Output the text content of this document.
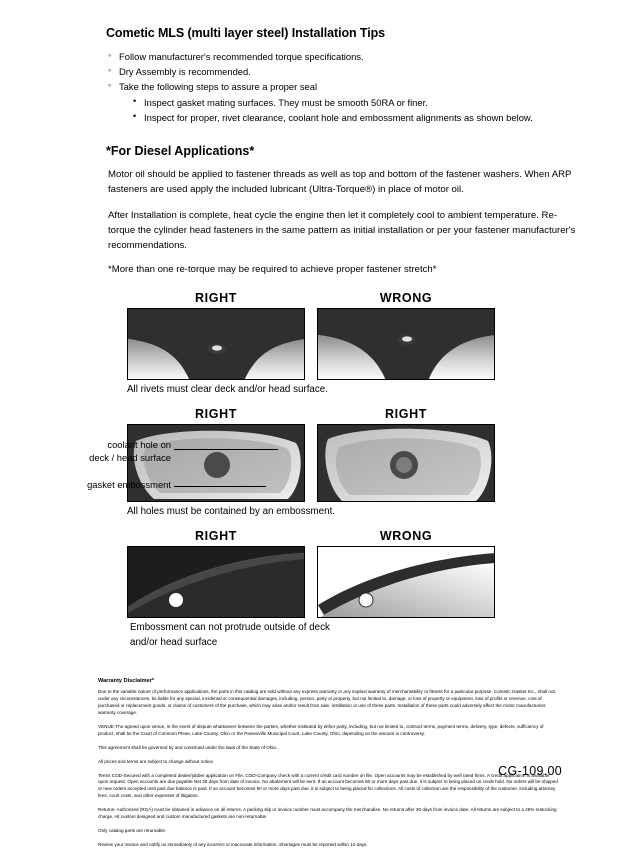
Cometic MLS (multi layer steel) Installation Tips
◦ Follow manufacturer's recommended torque specifications.
◦ Dry Assembly is recommended.
◦ Take the following steps to assure a proper seal
• Inspect gasket mating surfaces. They must be smooth 50RA or finer.
• Inspect for proper, rivet clearance, coolant hole and embossment alignments as shown below.
*For Diesel Applications*

Motor oil should be applied to fastener threads as well as top and bottom of the fastener washers. When ARP fasteners are used apply the included lubricant (Ultra-Torque®) in place of motor oil.

After Installation is complete, heat cycle the engine then let it completely cool to ambient temperature. Re-torque the cylinder head fasteners in the same pattern as initial installation or per your fastener manufacturer's recommendations.

*More than one re-torque may be required to achieve proper fastener stretch*

RIGHT	WRONG
All rivets must clear deck and/or head surface.
RIGHT	RIGHT
coolant hole on
deck / head surface
gasket embossment
All holes must be contained by an embossment.
RIGHT	WRONG
Embossment can not protrude outside of deck
and/or head surface
Warranty Disclaimer*

Due to the variable nature of performance applications, the parts in this catalog are sold without any express warranty or any implied warranty of merchantability or fitness for a particular purpose. Cometic Gasket Inc., shall not, under any circumstances, be liable for any special, incidental or consequential damages, including, person, party or property, but not limited to, damage, or loss of property or equipment, loss of profits or revenue, cost of purchased or replacement goods, or claims of customers of the purchase, which may arise and/or result from sale, instillation or use of these parts. Installation of these parts could adversely affect the motor manufacturers warranty coverage.

VENUE-The agreed upon venue, in the event of dispute whatsoever between the parties, whether instituted by either party, including, but not limited to, contract terms, payment terms, delivery, type, defects, sufficiency of product, shall be the Court of Common Pleas, Lake County, Ohio or the Painesville Municipal Court, Lake County, Ohio, depending on the amount in controversy.

This agreement shall be governed by and construed under the laws of the State of Ohio.

All prices and terms are subject to change without notice.

Terms COD-Secured with a completed dealer/jobber application on File, COD-Company check with a current credit card number on file. Open accounts may be established by well rated firms. A credit application is available upon request. Open accounts are due payable Net 30 days from date of invoice. No abatement will be sent. If an account becomes 60 or more days past due, it is subject to being placed on credit hold. No orders will be shipped or new orders accepted until past due balance is paid. If an account becomes 90 or more days past due, it is subject to being placed for collections. All costs of collection are the responsibility of the customer, including attorney fees, court costs, and other expenses of litigation.

Returns- Authorized (RGA) must be obtained in advance on all returns. A packing slip or invoice number must accompany the merchandise. No returns after 30 days from invoice date. All returns are subject to a 25% restocking charge. All custom designed and custom manufactured gaskets are non-returnable.

Only catalog parts are returnable.

Review your invoice and notify us immediately of any incorrect or inaccurate information. Shortages must be reported within 10 days.

CG-109.00
